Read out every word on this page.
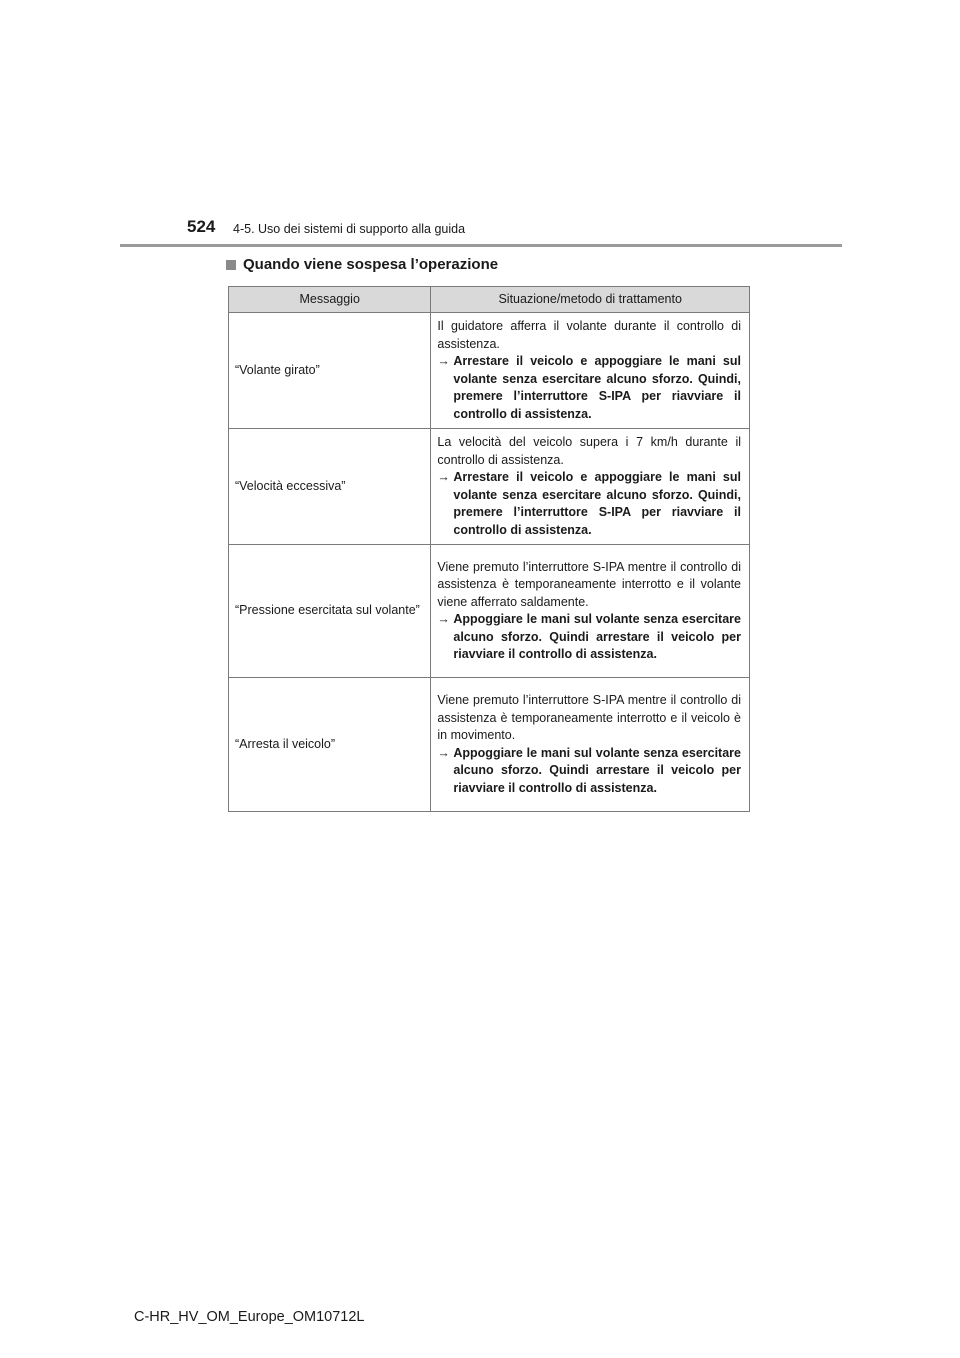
524 4-5. Uso dei sistemi di supporto alla guida
Quando viene sospesa l’operazione
Messaggio	Situazione/metodo di trattamento
“Volante girato”	Il guidatore afferra il volante durante il controllo di assistenza.
→ Arrestare il veicolo e appoggiare le mani sul volante senza esercitare alcuno sforzo. Quindi, premere l’interruttore S-IPA per riavviare il controllo di assistenza.

“Velocità eccessiva”	La velocità del veicolo supera i 7 km/h durante il controllo di assistenza.
→ Arrestare il veicolo e appoggiare le mani sul volante senza esercitare alcuno sforzo. Quindi, premere l’interruttore S-IPA per riavviare il controllo di assistenza.

“Pressione esercitata sul volante”	Viene premuto l’interruttore S-IPA mentre il controllo di assistenza è temporaneamente interrotto e il volante viene afferrato saldamente.
→ Appoggiare le mani sul volante senza esercitare alcuno sforzo. Quindi arrestare il veicolo per riavviare il controllo di assistenza.

“Arresta il veicolo”	Viene premuto l’interruttore S-IPA mentre il controllo di assistenza è temporaneamente interrotto e il veicolo è in movimento.
→ Appoggiare le mani sul volante senza esercitare alcuno sforzo. Quindi arrestare il veicolo per riavviare il controllo di assistenza.
C-HR_HV_OM_Europe_OM10712L
